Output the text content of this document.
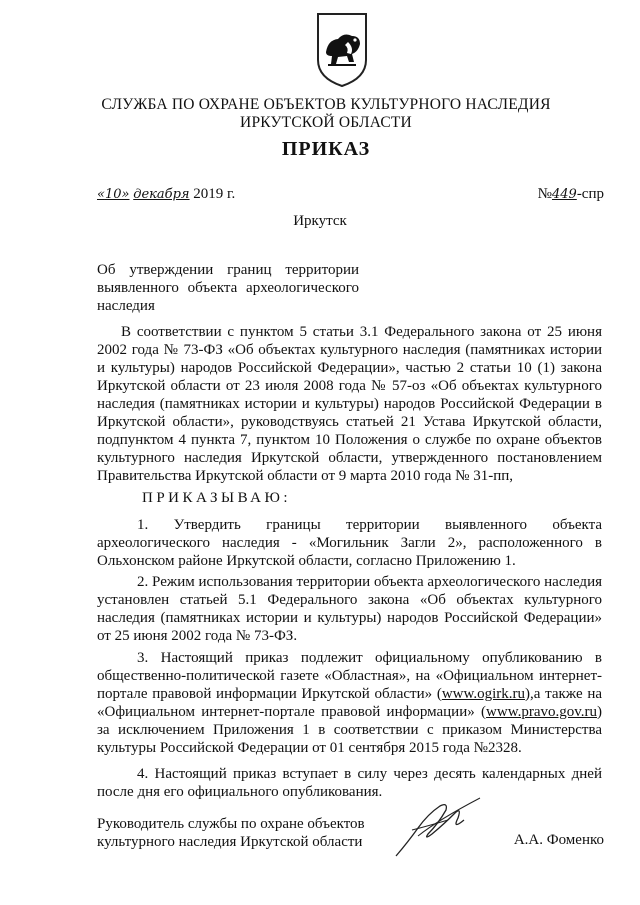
СЛУЖБА ПО ОХРАНЕ ОБЪЕКТОВ КУЛЬТУРНОГО НАСЛЕДИЯ
ИРКУТСКОЙ ОБЛАСТИ
ПРИКАЗ
«10» декабря 2019 г.	№449-спр
Иркутск
Об утверждении границ территории выявленного объекта археологического наследия
В соответствии с пунктом 5 статьи 3.1 Федерального закона от 25 июня 2002 года № 73-ФЗ «Об объектах культурного наследия (памятниках истории и культуры) народов Российской Федерации», частью 2 статьи 10 (1) закона Иркутской области от 23 июля 2008 года № 57-оз «Об объектах культурного наследия (памятниках истории и культуры) народов Российской Федерации в Иркутской области», руководствуясь статьей 21 Устава Иркутской области, подпунктом 4 пункта 7, пунктом 10 Положения о службе по охране объектов культурного наследия Иркутской области, утвержденного постановлением Правительства Иркутской области от 9 марта 2010 года № 31-пп,
ПРИКАЗЫВАЮ:
1. Утвердить границы территории выявленного объекта археологического наследия - «Могильник Загли 2», расположенного в Ольхонском районе Иркутской области, согласно Приложению 1.
2. Режим использования территории объекта археологического наследия установлен статьей 5.1 Федерального закона «Об объектах культурного наследия (памятниках истории и культуры) народов Российской Федерации» от 25 июня 2002 года № 73-ФЗ.
3. Настоящий приказ подлежит официальному опубликованию в общественно-политической газете «Областная», на «Официальном интернет-портале правовой информации Иркутской области» (www.ogirk.ru),а также на «Официальном интернет-портале правовой информации» (www.pravo.gov.ru) за исключением Приложения 1 в соответствии с приказом Министерства культуры Российской Федерации от 01 сентября 2015 года №2328.
4. Настоящий приказ вступает в силу через десять календарных дней после дня его официального опубликования.
Руководитель службы по охране объектов
культурного наследия Иркутской области	А.А. Фоменко
